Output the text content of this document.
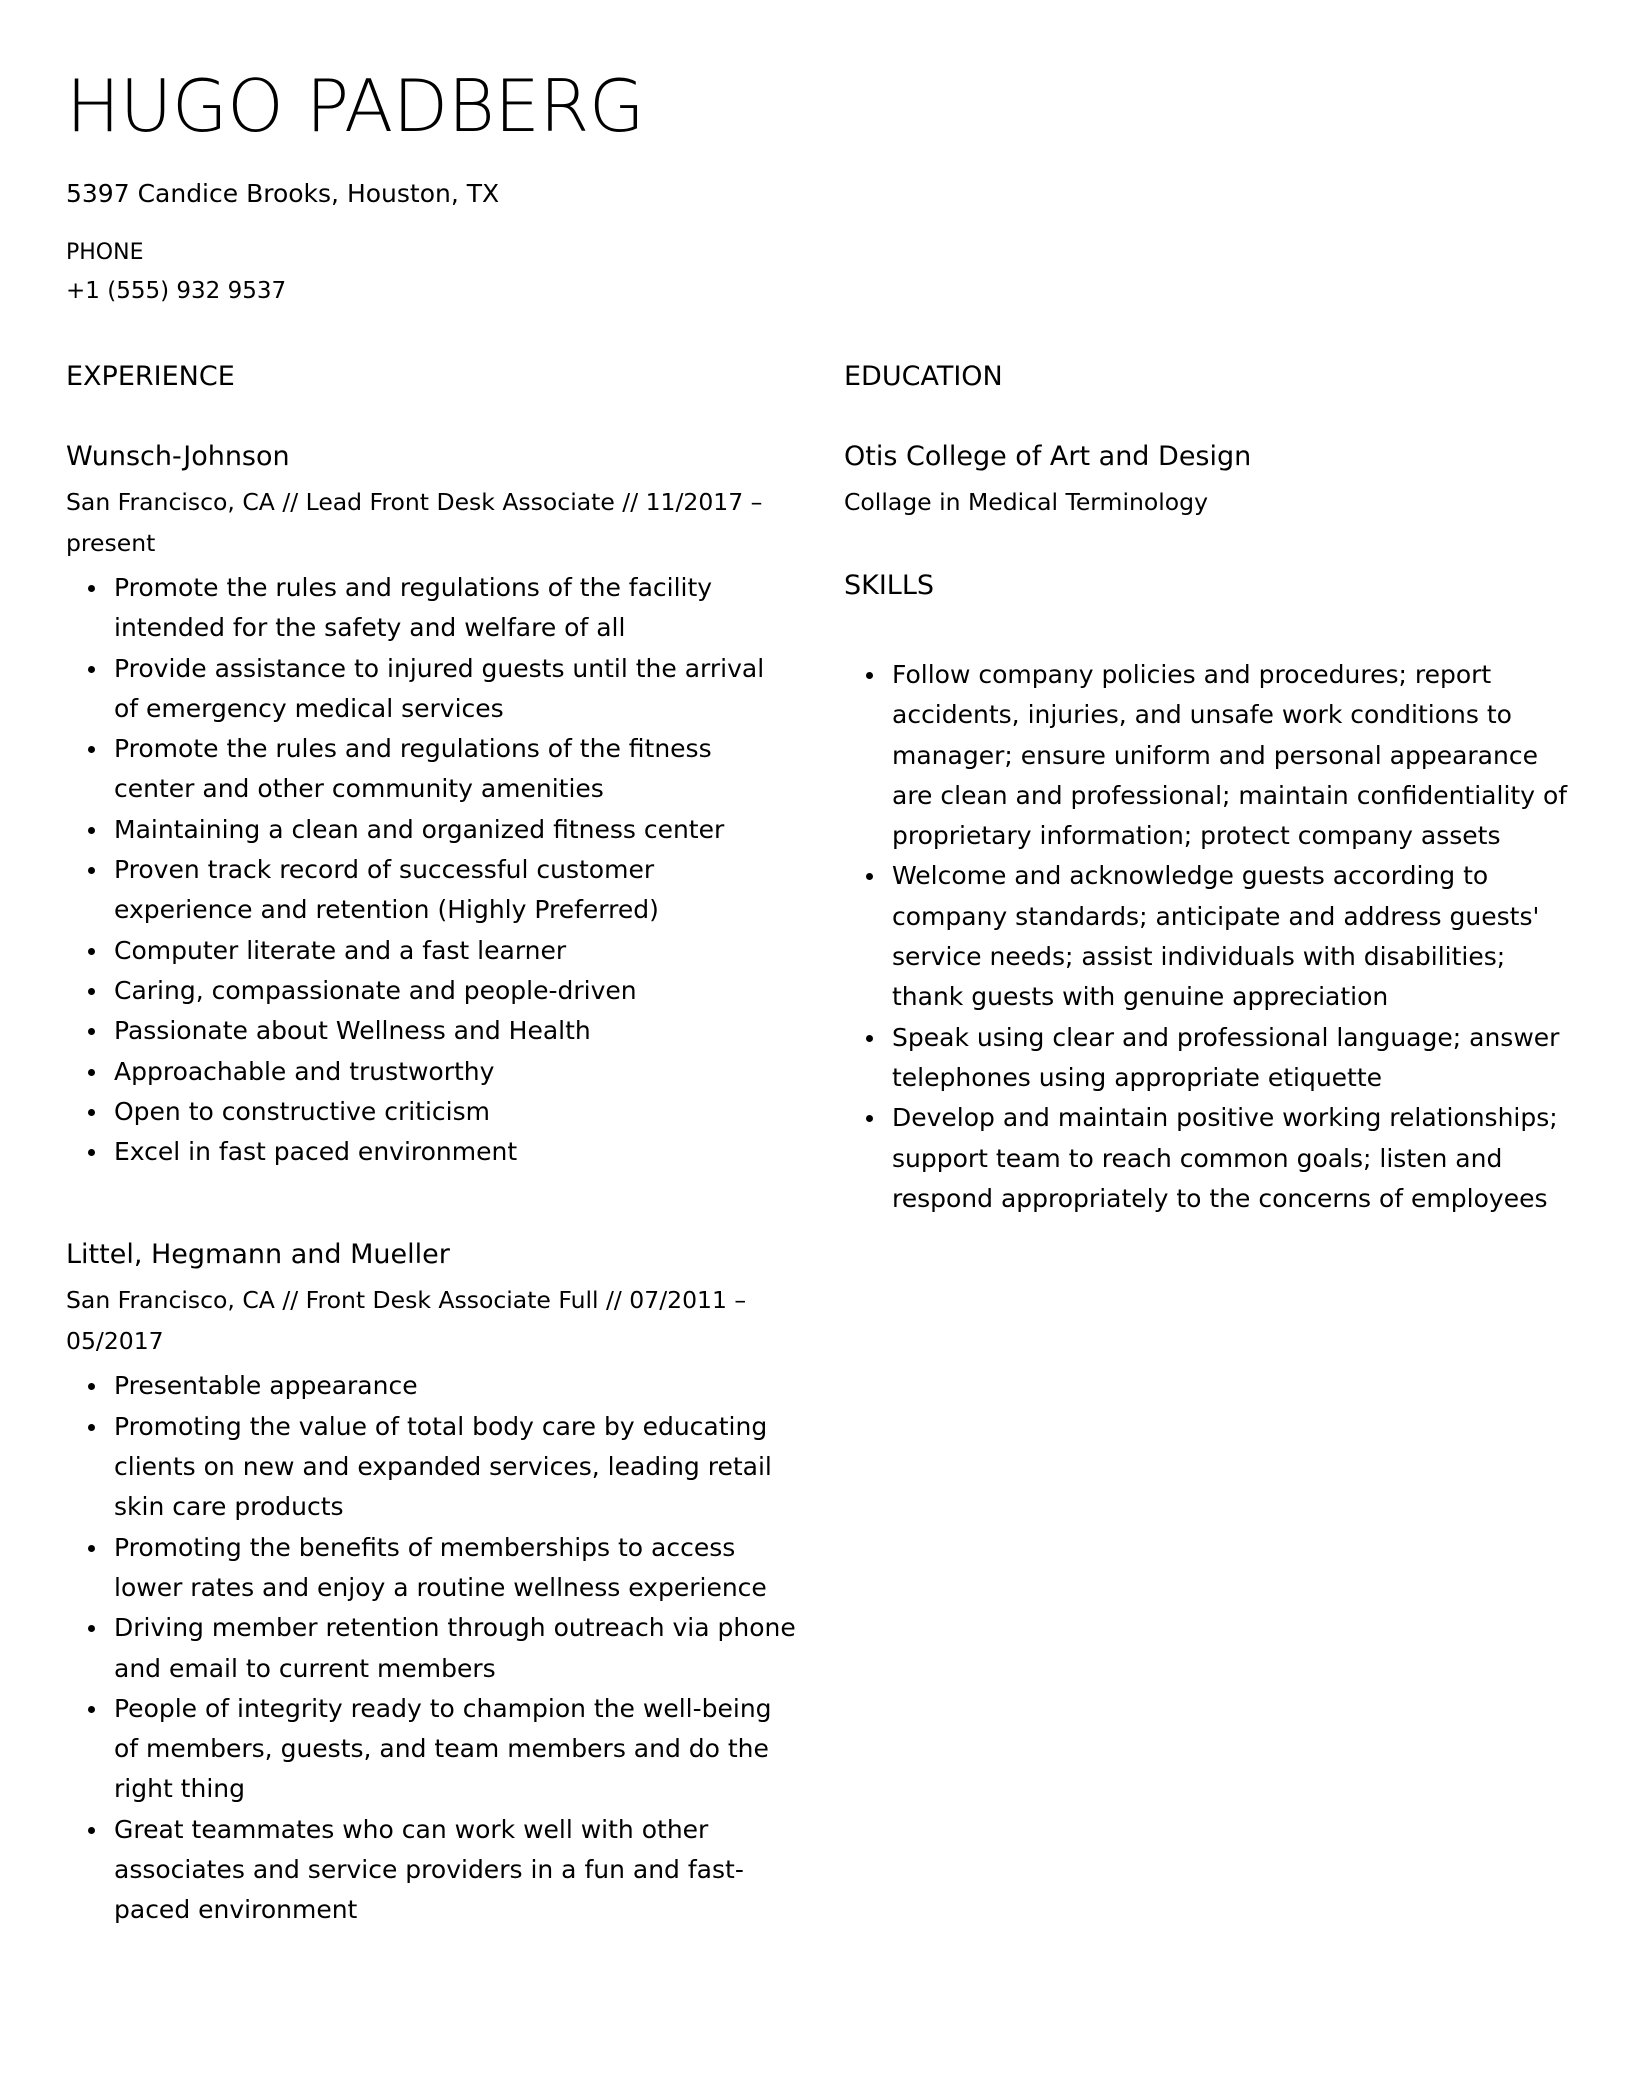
HUGO PADBERG
5397 Candice Brooks, Houston, TX
PHONE
+1 (555) 932 9537
EXPERIENCE
Wunsch-Johnson
San Francisco, CA // Lead Front Desk Associate // 11/2017 – present
Promote the rules and regulations of the facility intended for the safety and welfare of all
Provide assistance to injured guests until the arrival of emergency medical services
Promote the rules and regulations of the fitness center and other community amenities
Maintaining a clean and organized fitness center
Proven track record of successful customer experience and retention (Highly Preferred)
Computer literate and a fast learner
Caring, compassionate and people-driven
Passionate about Wellness and Health
Approachable and trustworthy
Open to constructive criticism
Excel in fast paced environment
Littel, Hegmann and Mueller
San Francisco, CA // Front Desk Associate Full // 07/2011 – 05/2017
Presentable appearance
Promoting the value of total body care by educating clients on new and expanded services, leading retail skin care products
Promoting the benefits of memberships to access lower rates and enjoy a routine wellness experience
Driving member retention through outreach via phone and email to current members
People of integrity ready to champion the well-being of members, guests, and team members and do the right thing
Great teammates who can work well with other associates and service providers in a fun and fast-paced environment
EDUCATION
Otis College of Art and Design
Collage in Medical Terminology
SKILLS
Follow company policies and procedures; report accidents, injuries, and unsafe work conditions to manager; ensure uniform and personal appearance are clean and professional; maintain confidentiality of proprietary information; protect company assets
Welcome and acknowledge guests according to company standards; anticipate and address guests' service needs; assist individuals with disabilities; thank guests with genuine appreciation
Speak using clear and professional language; answer telephones using appropriate etiquette
Develop and maintain positive working relationships; support team to reach common goals; listen and respond appropriately to the concerns of employees
